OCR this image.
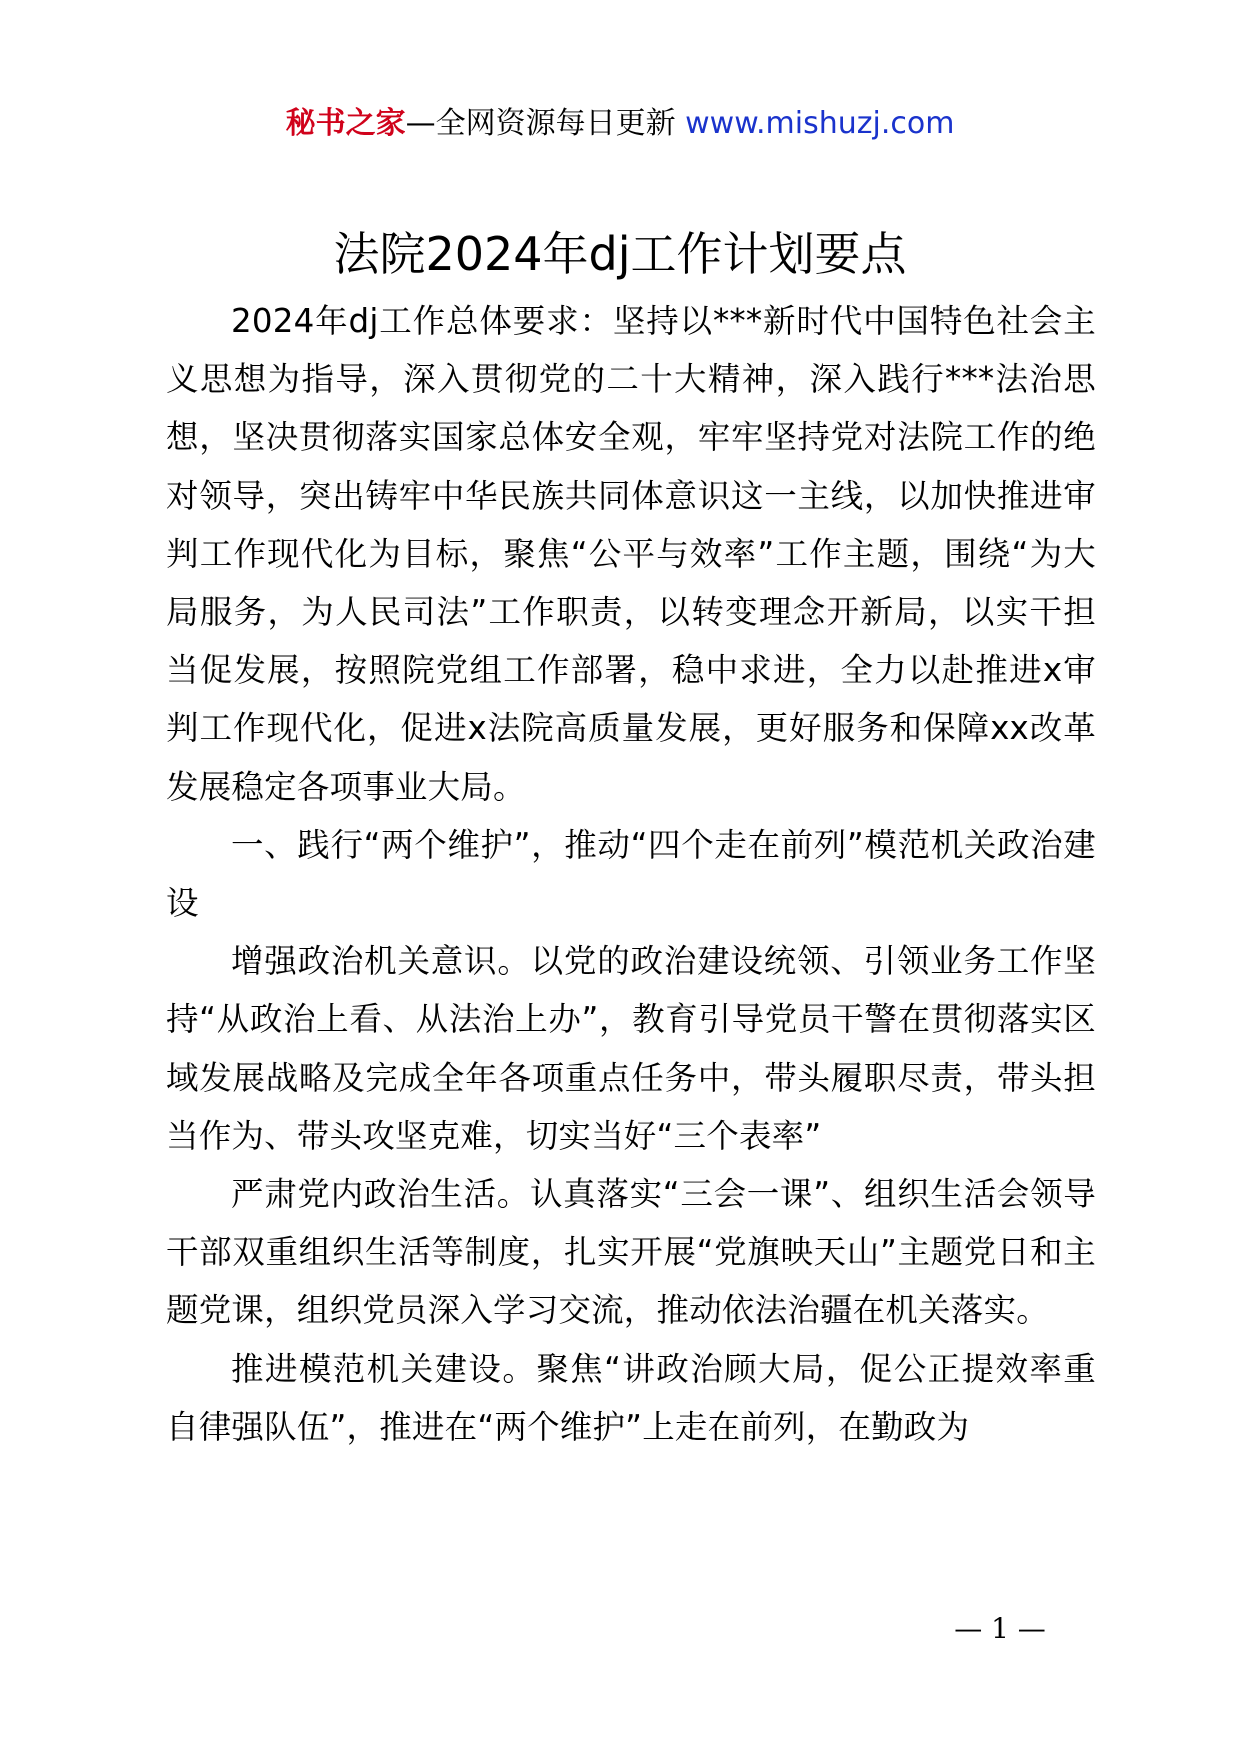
秘书之家—全网资源每日更新 www.mishuzj.com
法院2024年dj工作计划要点

2024年dj工作总体要求：坚持以***新时代中国特色社会主义思想为指导，深入贯彻党的二十大精神，深入践行***法治思想，坚决贯彻落实国家总体安全观，牢牢坚持党对法院工作的绝对领导，突出铸牢中华民族共同体意识这一主线，以加快推进审判工作现代化为目标，聚焦“公平与效率”工作主题，围绕“为大局服务，为人民司法”工作职责，以转变理念开新局，以实干担当促发展，按照院党组工作部署，稳中求进，全力以赴推进x审判工作现代化，促进x法院高质量发展，更好服务和保障xx改革发展稳定各项事业大局。

一、践行“两个维护”，推动“四个走在前列”模范机关政治建设

增强政治机关意识。以党的政治建设统领、引领业务工作坚持“从政治上看、从法治上办”，教育引导党员干警在贯彻落实区域发展战略及完成全年各项重点任务中，带头履职尽责，带头担当作为、带头攻坚克难，切实当好“三个表率”

严肃党内政治生活。认真落实“三会一课”、组织生活会领导干部双重组织生活等制度，扎实开展“党旗映天山”主题党日和主题党课，组织党员深入学习交流，推动依法治疆在机关落实。

推进模范机关建设。聚焦“讲政治顾大局，促公正提效率重自律强队伍”，推进在“两个维护”上走在前列，在勤政为

— 1 —
